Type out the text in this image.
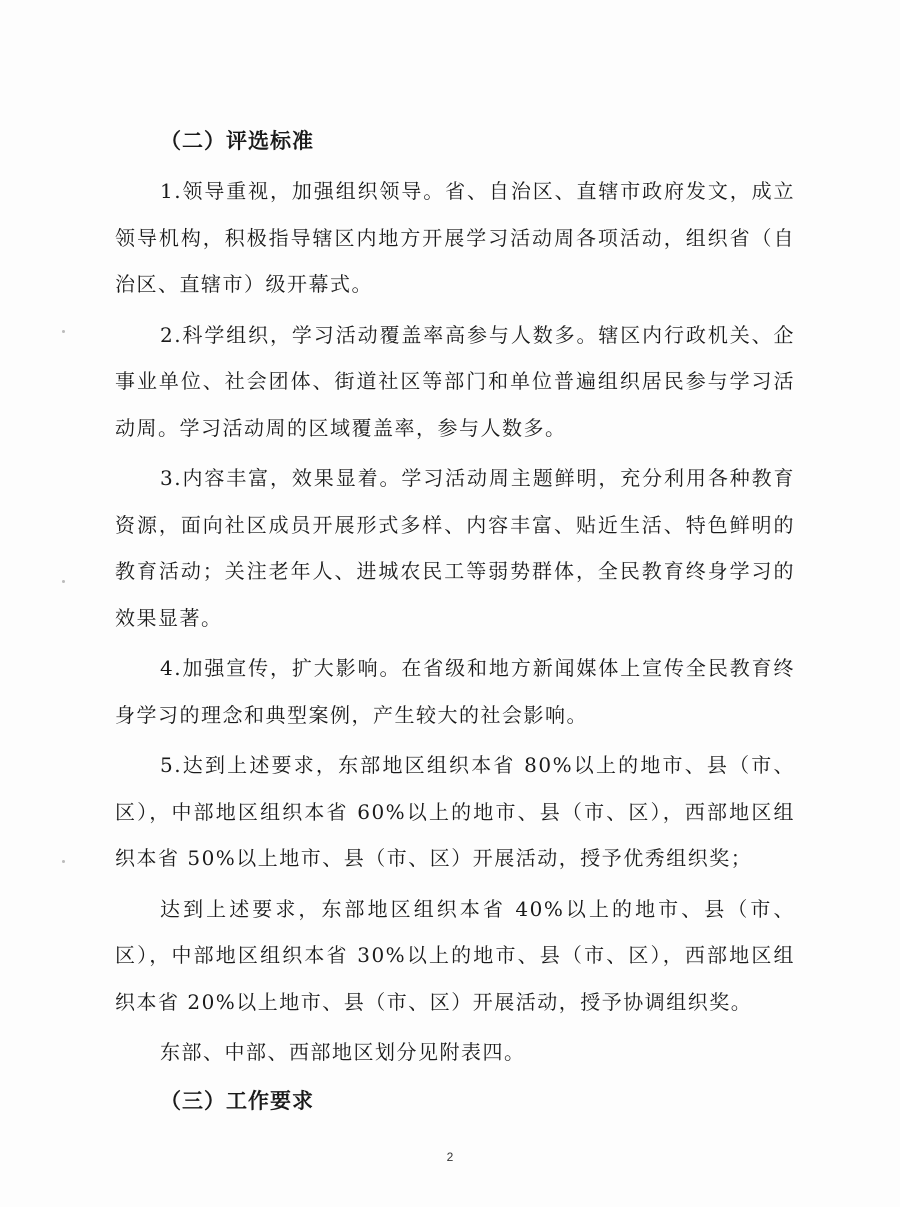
（二）评选标准

1.领导重视，加强组织领导。省、自治区、直辖市政府发文，成立领导机构，积极指导辖区内地方开展学习活动周各项活动，组织省（自治区、直辖市）级开幕式。

2.科学组织，学习活动覆盖率高参与人数多。辖区内行政机关、企事业单位、社会团体、街道社区等部门和单位普遍组织居民参与学习活动周。学习活动周的区域覆盖率，参与人数多。

3.内容丰富，效果显着。学习活动周主题鲜明，充分利用各种教育资源，面向社区成员开展形式多样、内容丰富、贴近生活、特色鲜明的教育活动；关注老年人、进城农民工等弱势群体，全民教育终身学习的效果显著。

4.加强宣传，扩大影响。在省级和地方新闻媒体上宣传全民教育终身学习的理念和典型案例，产生较大的社会影响。

5.达到上述要求，东部地区组织本省 80%以上的地市、县（市、区），中部地区组织本省 60%以上的地市、县（市、区），西部地区组织本省 50%以上地市、县（市、区）开展活动，授予优秀组织奖；

达到上述要求，东部地区组织本省 40%以上的地市、县（市、区），中部地区组织本省 30%以上的地市、县（市、区），西部地区组织本省 20%以上地市、县（市、区）开展活动，授予协调组织奖。

东部、中部、西部地区划分见附表四。

（三）工作要求

2
